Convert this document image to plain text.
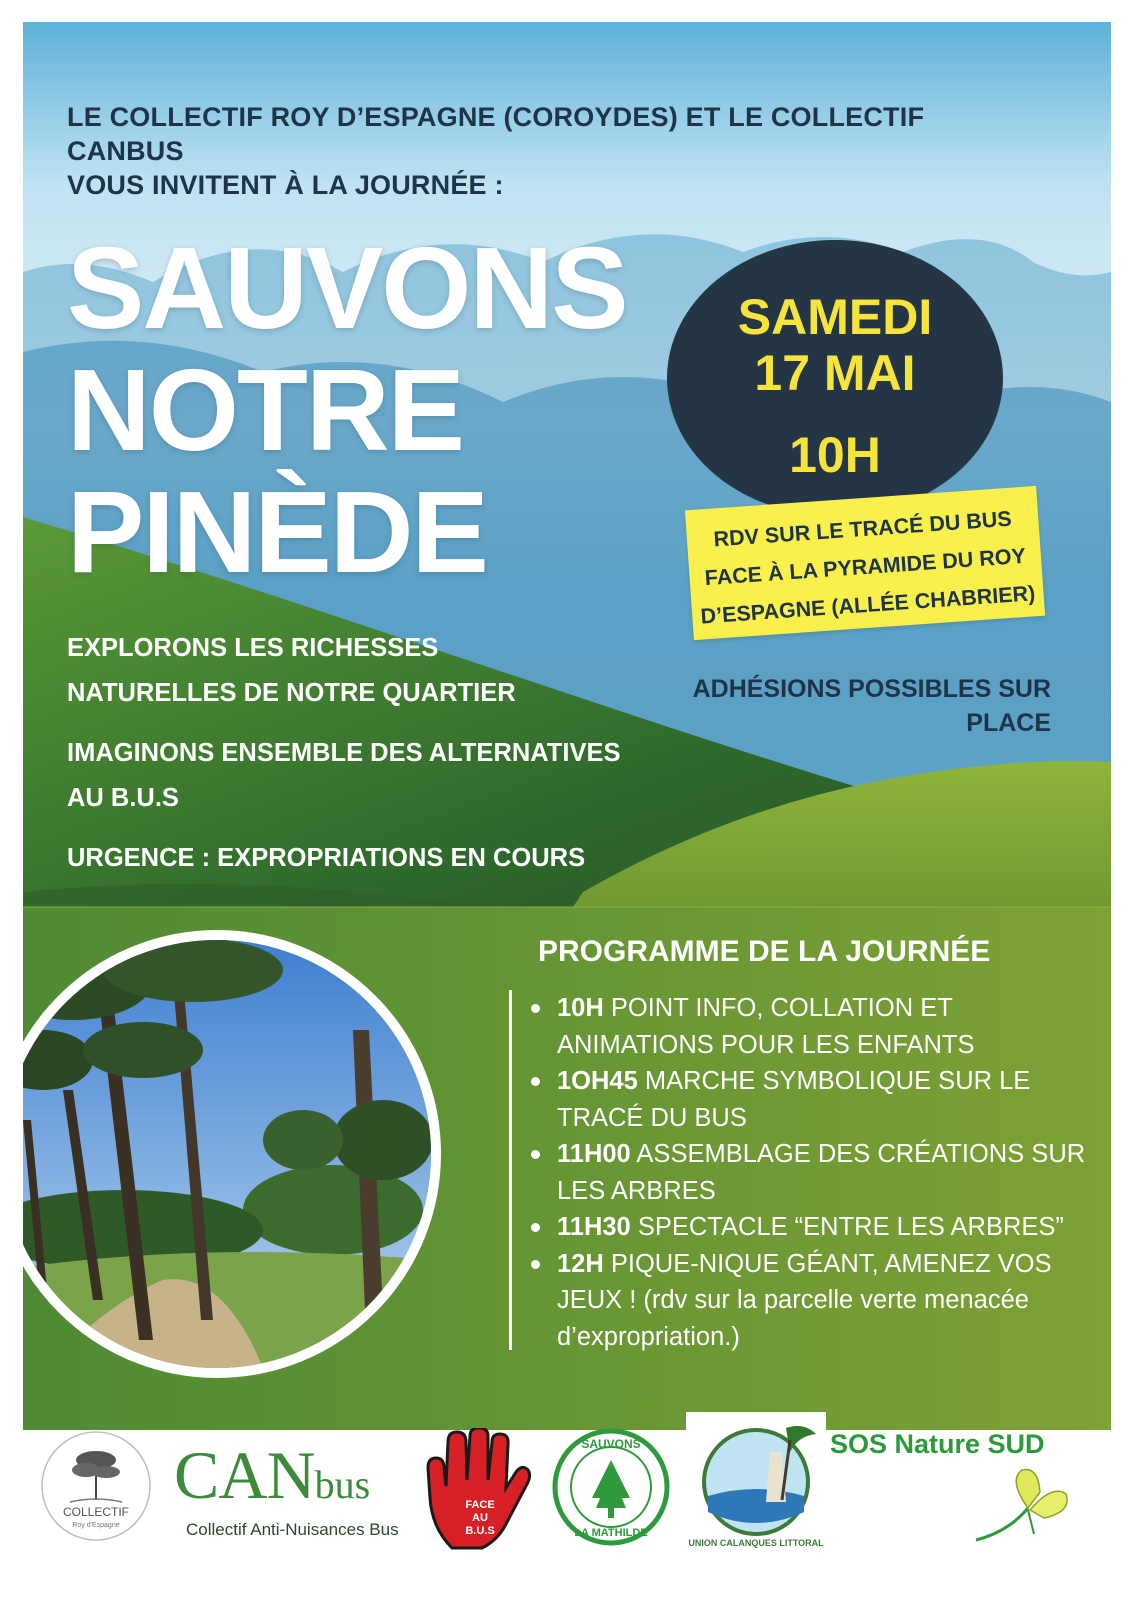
LE COLLECTIF ROY D’ESPAGNE (COROYDES) ET LE COLLECTIF CANBUS
VOUS INVITENT À LA JOURNÉE :
SAUVONS
NOTRE
PINÈDE
SAMEDI
17 MAI
10H
RDV SUR LE TRACÉ DU BUS
FACE À LA PYRAMIDE DU ROY
D’ESPAGNE (ALLÉE CHABRIER)
ADHÉSIONS POSSIBLES SUR PLACE
EXPLORONS LES RICHESSES
NATURELLES DE NOTRE QUARTIER
IMAGINONS ENSEMBLE DES ALTERNATIVES
AU B.U.S
URGENCE : EXPROPRIATIONS EN COURS
PROGRAMME DE LA JOURNÉE
10H POINT INFO, COLLATION ET ANIMATIONS POUR LES ENFANTS
1OH45 MARCHE SYMBOLIQUE SUR LE TRACÉ DU BUS
11H00 ASSEMBLAGE DES CRÉATIONS SUR LES ARBRES
11H30 SPECTACLE “ENTRE LES ARBRES”
12H PIQUE-NIQUE GÉANT, AMENEZ VOS JEUX ! (rdv sur la parcelle verte menacée d’expropriation.)
COLLECTIF
Roy d'Espagne
CANbus
Collectif Anti-Nuisances Bus
FACE
AU
B.U.S
SAUVONS
LA MATHILDE
UNION CALANQUES LITTORAL
SOS Nature SUD
